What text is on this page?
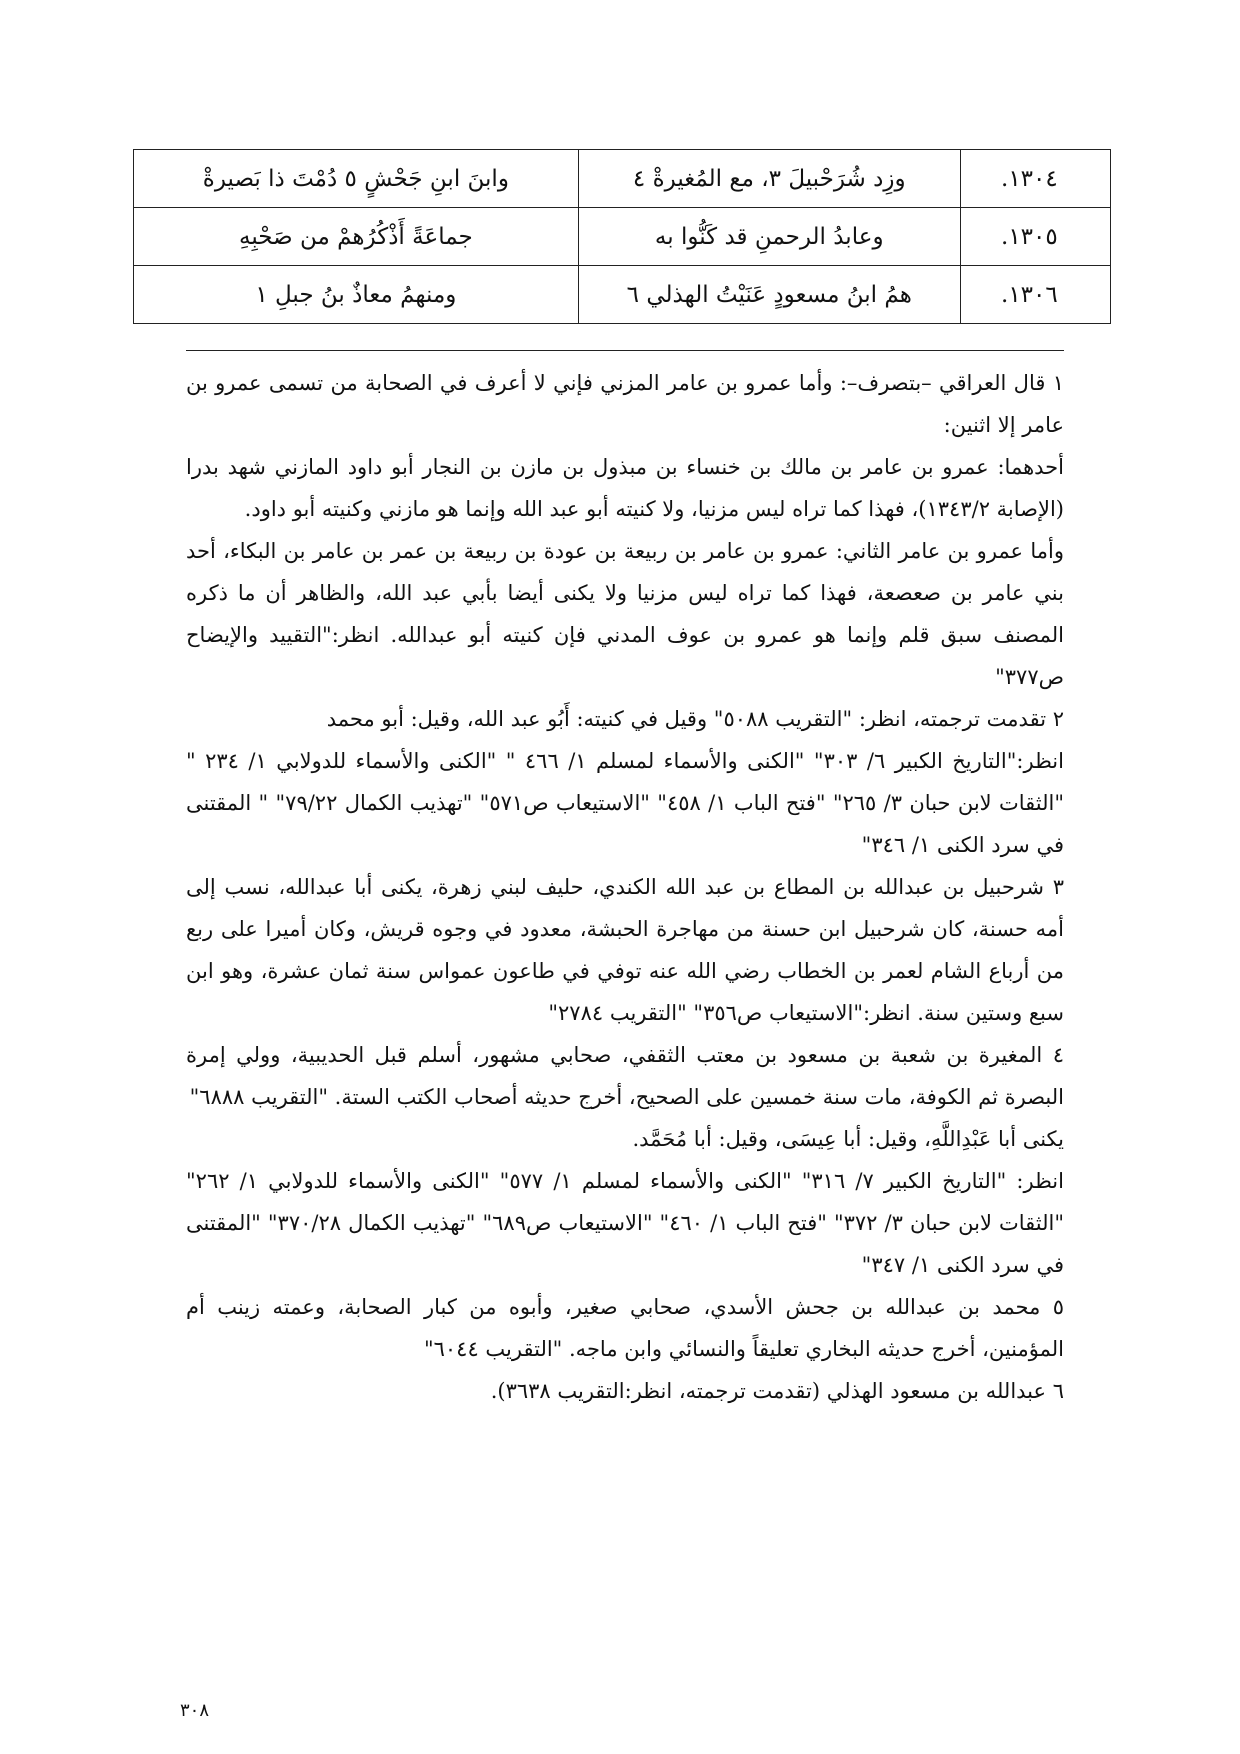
١٣٠٤.	وزِد شُرَحْبيلَ ٣، مع المُغيرةْ ٤	وابنَ ابنِ جَحْشٍ ٥ دُمْتَ ذا بَصيرةْ
١٣٠٥.	وعابدُ الرحمنِ قد كَنُّوا به	جماعَةً أَذْكُرُهمْ من صَحْبِهِ
١٣٠٦.	همُ ابنُ مسعودٍ عَنَيْتُ الهذلي ٦	ومنهمُ معاذٌ بنُ جبلِ ١

١ قال العراقي –بتصرف–: وأما عمرو بن عامر المزني فإني لا أعرف في الصحابة من تسمى عمرو بن عامر إلا اثنين:

أحدهما: عمرو بن عامر بن مالك بن خنساء بن مبذول بن مازن بن النجار أبو داود المازني شهد بدرا (الإصابة ١٣٤٣/٢)، فهذا كما تراه ليس مزنيا، ولا كنيته أبو عبد الله وإنما هو مازني وكنيته أبو داود.

وأما عمرو بن عامر الثاني: عمرو بن عامر بن ربيعة بن عودة بن ربيعة بن عمر بن عامر بن البكاء، أحد بني عامر بن صعصعة، فهذا كما تراه ليس مزنيا ولا يكنى أيضا بأبي عبد الله، والظاهر أن ما ذكره المصنف سبق قلم وإنما هو عمرو بن عوف المدني فإن كنيته أبو عبدالله. انظر:"التقييد والإيضاح ص٣٧٧"

٢ تقدمت ترجمته، انظر: "التقريب ٥٠٨٨" وقيل في كنيته: أَبُو عبد الله، وقيل: أبو محمد

انظر:"التاريخ الكبير ٦/ ٣٠٣" "الكنى والأسماء لمسلم ١/ ٤٦٦ " "الكنى والأسماء للدولابي ١/ ٢٣٤ " "الثقات لابن حبان ٣/ ٢٦٥" "فتح الباب ١/ ٤٥٨" "الاستيعاب ص٥٧١" "تهذيب الكمال ٧٩/٢٢" " المقتنى في سرد الكنى ١/ ٣٤٦"

٣ شرحبيل بن عبدالله بن المطاع بن عبد الله الكندي، حليف لبني زهرة، يكنى أبا عبدالله، نسب إلى أمه حسنة، كان شرحبيل ابن حسنة من مهاجرة الحبشة، معدود في وجوه قريش، وكان أميرا على ربع من أرباع الشام لعمر بن الخطاب رضي الله عنه توفي في طاعون عمواس سنة ثمان عشرة، وهو ابن سبع وستين سنة. انظر:"الاستيعاب ص٣٥٦" "التقريب ٢٧٨٤"

٤ المغيرة بن شعبة بن مسعود بن معتب الثقفي، صحابي مشهور، أسلم قبل الحديبية، وولي إمرة البصرة ثم الكوفة، مات سنة خمسين على الصحيح، أخرج حديثه أصحاب الكتب الستة. "التقريب ٦٨٨٨"

يكنى أبا عَبْدِاللَّهِ، وقيل: أبا عِيسَى، وقيل: أبا مُحَمَّد.

انظر: "التاريخ الكبير ٧/ ٣١٦" "الكنى والأسماء لمسلم ١/ ٥٧٧" "الكنى والأسماء للدولابي ١/ ٢٦٢" "الثقات لابن حبان ٣/ ٣٧٢" "فتح الباب ١/ ٤٦٠" "الاستيعاب ص٦٨٩" "تهذيب الكمال ٣٧٠/٢٨" "المقتنى في سرد الكنى ١/ ٣٤٧"

٥ محمد بن عبدالله بن جحش الأسدي، صحابي صغير، وأبوه من كبار الصحابة، وعمته زينب أم المؤمنين، أخرج حديثه البخاري تعليقاً والنسائي وابن ماجه. "التقريب ٦٠٤٤"

٦ عبدالله بن مسعود الهذلي (تقدمت ترجمته، انظر:التقريب ٣٦٣٨).

٣٠٨
